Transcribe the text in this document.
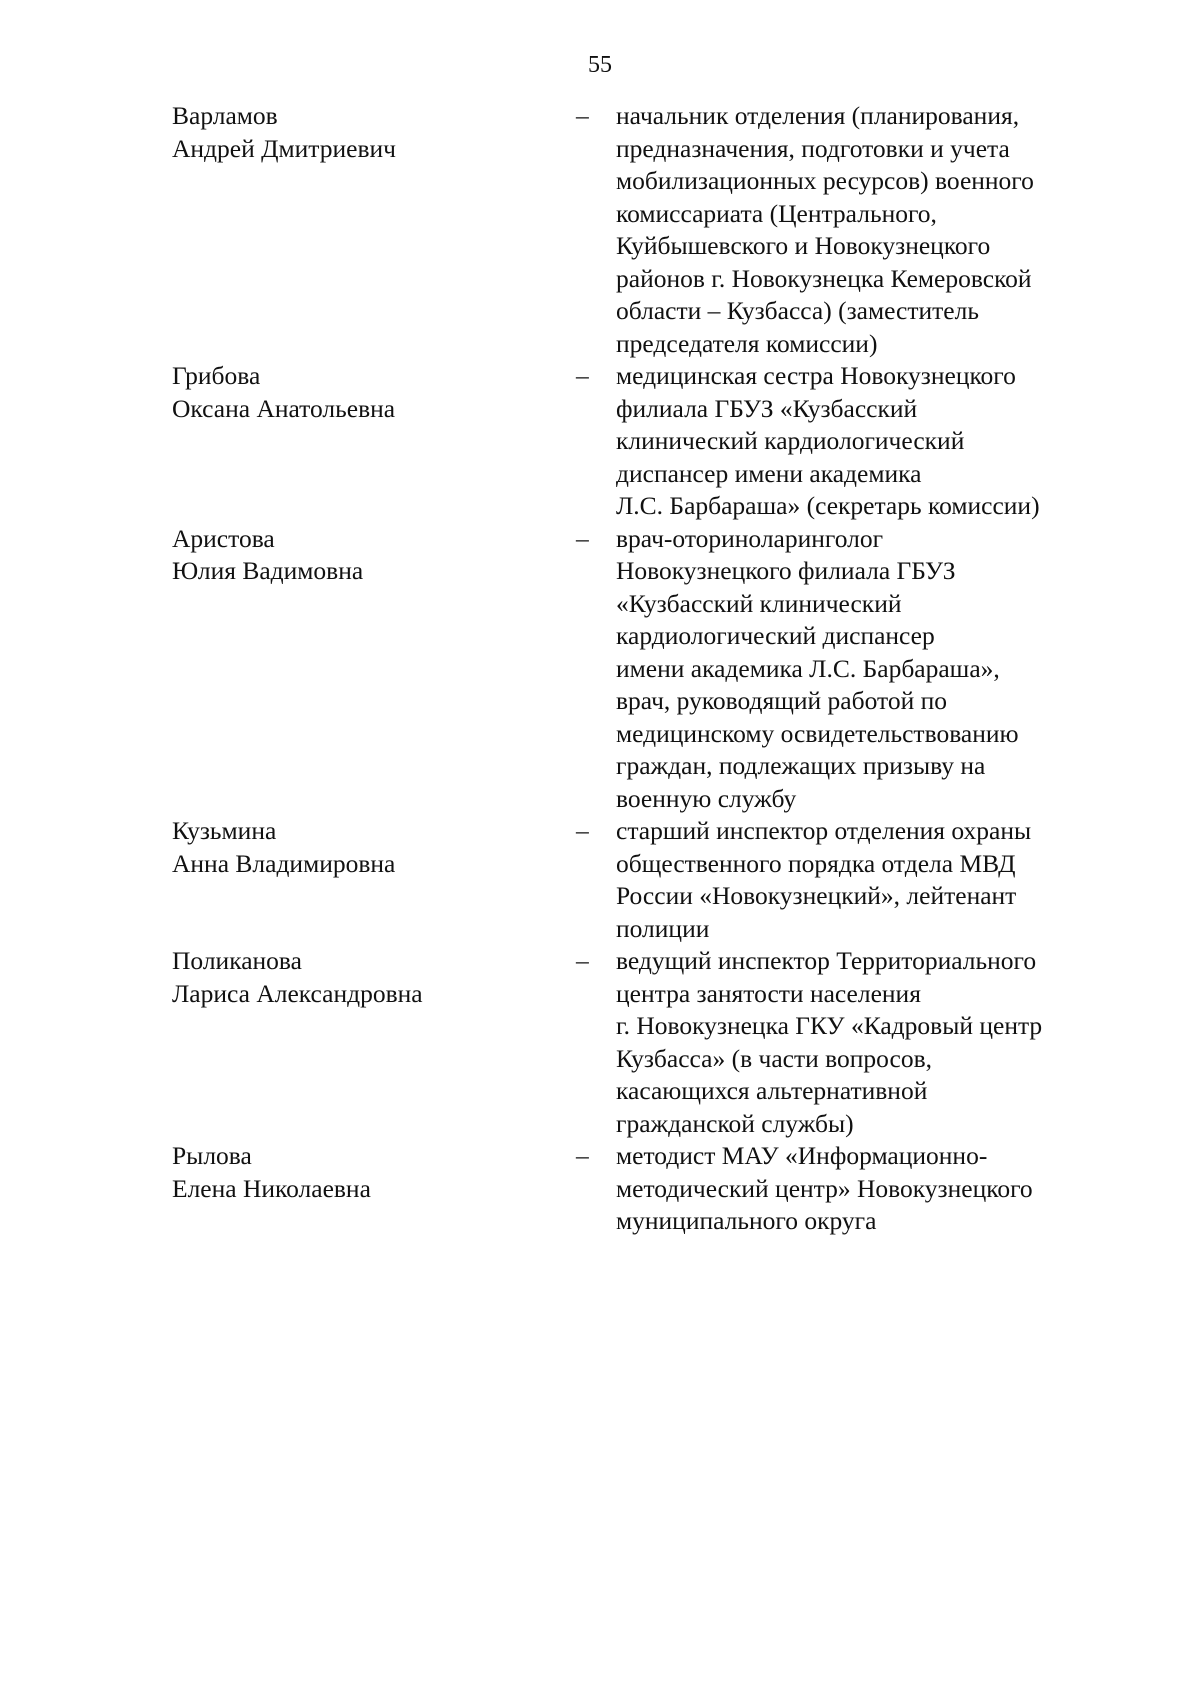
55
Варламов
Андрей Дмитриевич
– начальник отделения (планирования,
предназначения, подготовки и учета
мобилизационных ресурсов) военного
комиссариата (Центрального,
Куйбышевского и Новокузнецкого
районов г. Новокузнецка Кемеровской
области – Кузбасса) (заместитель
председателя комиссии)
Грибова
Оксана Анатольевна
– медицинская сестра Новокузнецкого
филиала ГБУЗ «Кузбасский
клинический кардиологический
диспансер имени академика
Л.С. Барбараша» (секретарь комиссии)
Аристова
Юлия Вадимовна
– врач-оториноларинголог
Новокузнецкого филиала ГБУЗ
«Кузбасский клинический
кардиологический диспансер
имени академика Л.С. Барбараша»,
врач, руководящий работой по
медицинскому освидетельствованию
граждан, подлежащих призыву на
военную службу
Кузьмина
Анна Владимировна
– старший инспектор отделения охраны
общественного порядка отдела МВД
России «Новокузнецкий», лейтенант
полиции
Поликанова
Лариса Александровна
– ведущий инспектор Территориального
центра занятости населения
г. Новокузнецка ГКУ «Кадровый центр
Кузбасса» (в части вопросов,
касающихся альтернативной
гражданской службы)
Рылова
Елена Николаевна
– методист МАУ «Информационно-
методический центр» Новокузнецкого
муниципального округа
